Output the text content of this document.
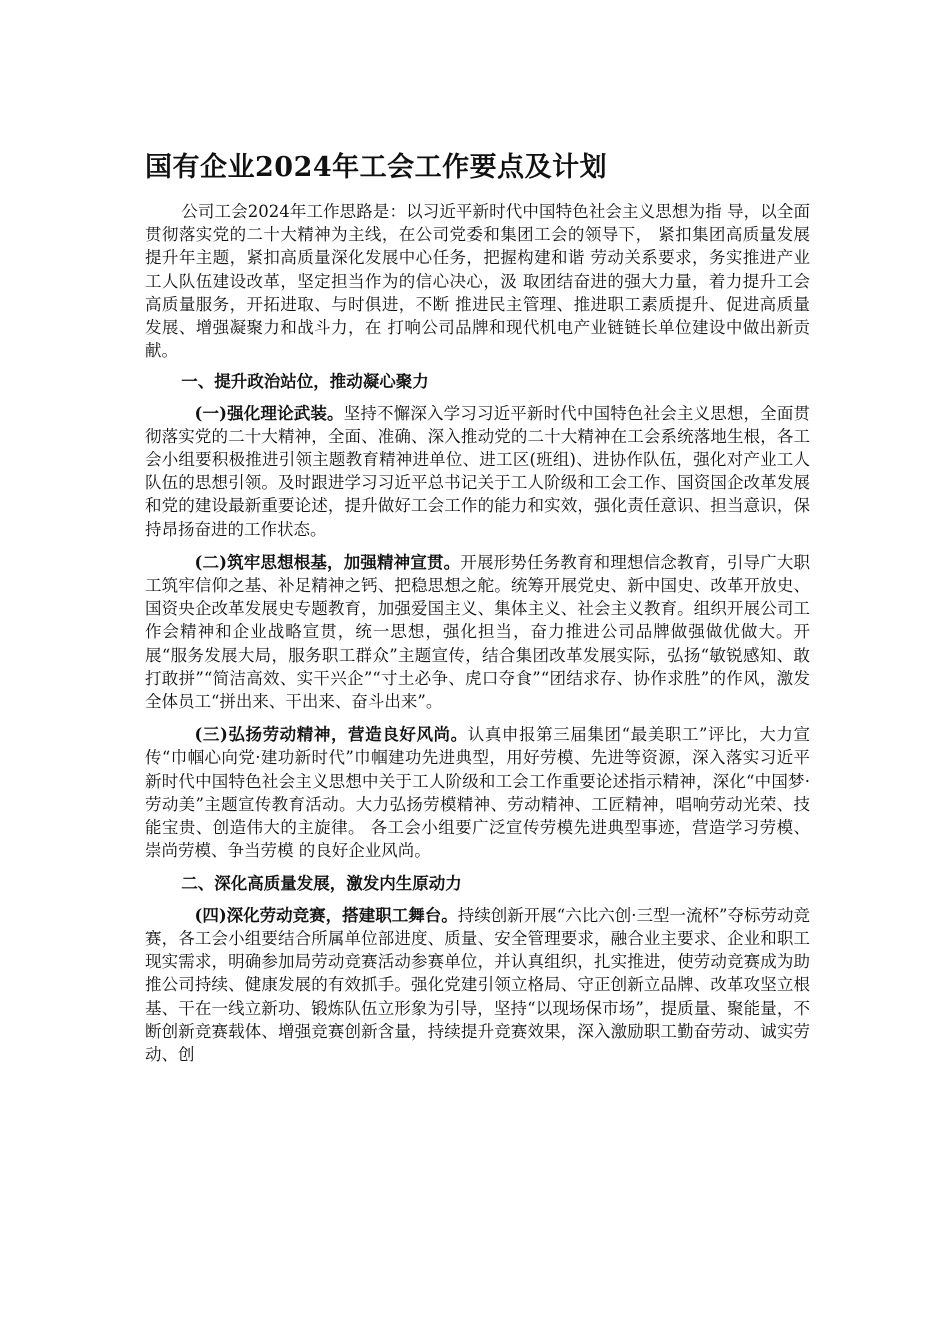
国有企业2024年工会工作要点及计划

公司工会2024年工作思路是：以习近平新时代中国特色社会主义思想为指 导，以全面贯彻落实党的二十大精神为主线，在公司党委和集团工会的领导下， 紧扣集团高质量发展提升年主题，紧扣高质量深化发展中心任务，把握构建和谐 劳动关系要求，务实推进产业工人队伍建设改革，坚定担当作为的信心决心，汲 取团结奋进的强大力量，着力提升工会高质量服务，开拓进取、与时俱进，不断 推进民主管理、推进职工素质提升、促进高质量发展、增强凝聚力和战斗力，在 打响公司品牌和现代机电产业链链长单位建设中做出新贡献。

一、提升政治站位，推动凝心聚力

(一)强化理论武装。坚持不懈深入学习习近平新时代中国特色社会主义思想，全面贯彻落实党的二十大精神，全面、准确、深入推动党的二十大精神在工会系统落地生根，各工会小组要积极推进引领主题教育精神进单位、进工区(班组)、进协作队伍，强化对产业工人队伍的思想引领。及时跟进学习习近平总书记关于工人阶级和工会工作、国资国企改革发展和党的建设最新重要论述，提升做好工会工作的能力和实效，强化责任意识、担当意识，保持昂扬奋进的工作状态。

(二)筑牢思想根基，加强精神宣贯。开展形势任务教育和理想信念教育，引导广大职工筑牢信仰之基、补足精神之钙、把稳思想之舵。统筹开展党史、新中国史、改革开放史、国资央企改革发展史专题教育，加强爱国主义、集体主义、社会主义教育。组织开展公司工作会精神和企业战略宣贯，统一思想，强化担当，奋力推进公司品牌做强做优做大。开展“服务发展大局，服务职工群众”主题宣传，结合集团改革发展实际，弘扬“敏锐感知、敢打敢拼”“简洁高效、实干兴企”“寸土必争、虎口夺食”“团结求存、协作求胜”的作风，激发全体员工“拼出来、干出来、奋斗出来”。

(三)弘扬劳动精神，营造良好风尚。认真申报第三届集团“最美职工”评比，大力宣传“巾帼心向党·建功新时代”巾帼建功先进典型，用好劳模、先进等资源，深入落实习近平新时代中国特色社会主义思想中关于工人阶级和工会工作重要论述指示精神，深化“中国梦·劳动美”主题宣传教育活动。大力弘扬劳模精神、劳动精神、工匠精神，唱响劳动光荣、技能宝贵、创造伟大的主旋律。 各工会小组要广泛宣传劳模先进典型事迹，营造学习劳模、崇尚劳模、争当劳模 的良好企业风尚。

二、深化高质量发展，激发内生原动力

(四)深化劳动竞赛，搭建职工舞台。持续创新开展“六比六创·三型一流杯”夺标劳动竞赛，各工会小组要结合所属单位部进度、质量、安全管理要求，融合业主要求、企业和职工现实需求，明确参加局劳动竞赛活动参赛单位，并认真组织，扎实推进，使劳动竞赛成为助推公司持续、健康发展的有效抓手。强化党建引领立格局、守正创新立品牌、改革攻坚立根基、干在一线立新功、锻炼队伍立形象为引导，坚持“以现场保市场”，提质量、聚能量，不断创新竞赛载体、增强竞赛创新含量，持续提升竞赛效果，深入激励职工勤奋劳动、诚实劳动、创
